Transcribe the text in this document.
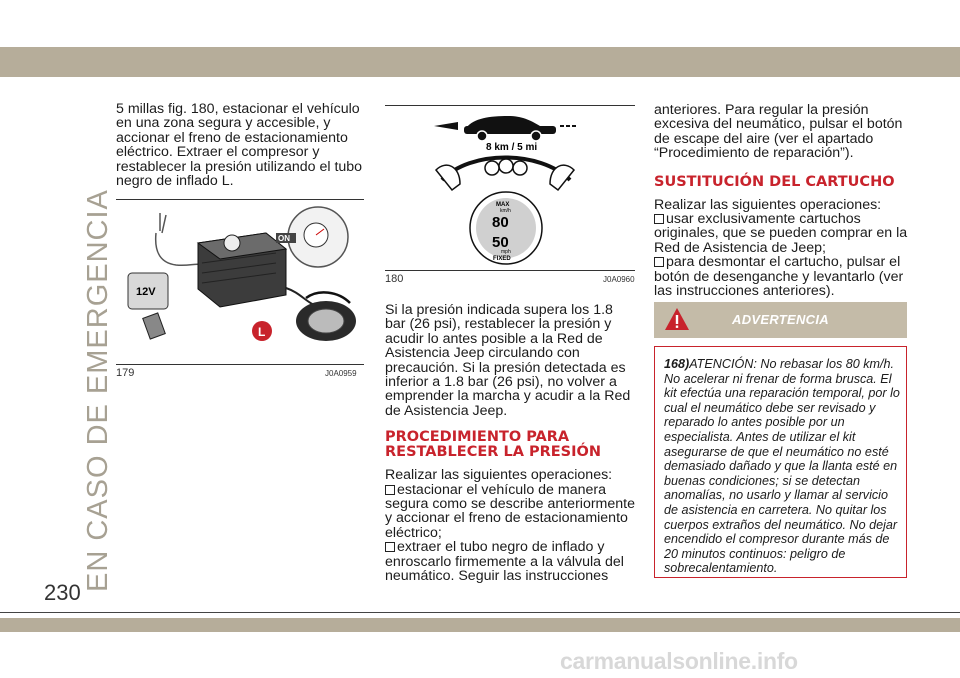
EN CASO DE EMERGENCIA

5 millas fig. 180, estacionar el vehículo en una zona segura y accesible, y accionar el freno de estacionamiento eléctrico. Extraer el compresor y restablecer la presión utilizando el tubo negro de inflado L.

12V
ON
L
179	J0A0959
8 km / 5 mi
MAX
km/h
80
50
mph
FIXED
180	J0A0960

Si la presión indicada supera los 1.8 bar (26 psi), restablecer la presión y acudir lo antes posible a la Red de Asistencia Jeep circulando con precaución. Si la presión detectada es inferior a 1.8 bar (26 psi), no volver a emprender la marcha y acudir a la Red de Asistencia Jeep.

PROCEDIMIENTO PARA RESTABLECER LA PRESIÓN

Realizar las siguientes operaciones:

estacionar el vehículo de manera segura como se describe anteriormente y accionar el freno de estacionamiento eléctrico;

extraer el tubo negro de inflado y enroscarlo firmemente a la válvula del neumático. Seguir las instrucciones

anteriores. Para regular la presión excesiva del neumático, pulsar el botón de escape del aire (ver el apartado “Procedimiento de reparación”).

SUSTITUCIÓN DEL CARTUCHO

Realizar las siguientes operaciones:

usar exclusivamente cartuchos originales, que se pueden comprar en la Red de Asistencia de Jeep;

para desmontar el cartucho, pulsar el botón de desenganche y levantarlo (ver las instrucciones anteriores).

ADVERTENCIA

168)ATENCIÓN: No rebasar los 80 km/h. No acelerar ni frenar de forma brusca. El kit efectúa una reparación temporal, por lo cual el neumático debe ser revisado y reparado lo antes posible por un especialista. Antes de utilizar el kit asegurarse de que el neumático no esté demasiado dañado y que la llanta esté en buenas condiciones; si se detectan anomalías, no usarlo y llamar al servicio de asistencia en carretera. No quitar los cuerpos extraños del neumático. No dejar encendido el compresor durante más de 20 minutos continuos: peligro de sobrecalentamiento.

230
carmanualsonline.info
